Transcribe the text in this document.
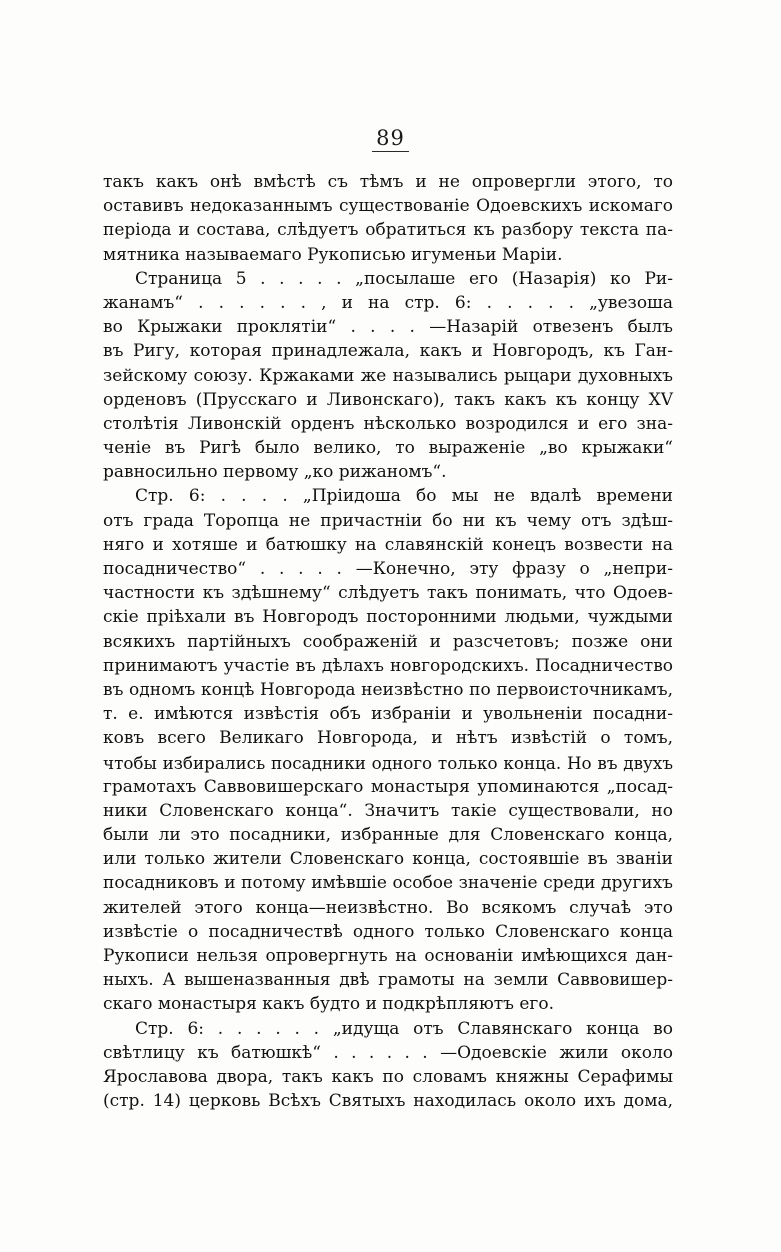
89
такъ какъ онѣ вмѣстѣ съ тѣмъ и не опровергли этого, то
оставивъ недоказаннымъ существованіе Одоевскихъ искомаго
періода и состава, слѣдуетъ обратиться къ разбору текста па-
мятника называемаго Рукописью игуменьи Маріи.
Страница 5 . . . . . „посылаше его (Назарія) ко Ри-
жанамъ“ . . . . . . , и на стр. 6: . . . . . „увезоша
во Крыжаки проклятіи“ . . . . —Назарій отвезенъ былъ
въ Ригу, которая принадлежала, какъ и Новгородъ, къ Ган-
зейскому союзу. Кржаками же назывались рыцари духовныхъ
орденовъ (Прусскаго и Ливонскаго), такъ какъ къ концу XV
столѣтія Ливонскій орденъ нѣсколько возродился и его зна-
ченіе въ Ригѣ было велико, то выраженіе „во крыжаки“
равносильно первому „ко рижаномъ“.
Стр. 6: . . . . „Пріидоша бо мы не вдалѣ времени
отъ града Торопца не причастніи бо ни къ чему отъ здѣш-
няго и хотяше и батюшку на славянскій конецъ возвести на
посадничество“ . . . . . —Конечно, эту фразу о „непри-
частности къ здѣшнему“ слѣдуетъ такъ понимать, что Одоев-
скіе пріѣхали въ Новгородъ посторонними людьми, чуждыми
всякихъ партійныхъ соображеній и разсчетовъ; позже они
принимаютъ участіе въ дѣлахъ новгородскихъ. Посадничество
въ одномъ концѣ Новгорода неизвѣстно по первоисточникамъ,
т. е. имѣются извѣстія объ избраніи и увольненіи посадни-
ковъ всего Великаго Новгорода, и нѣтъ извѣстій о томъ,
чтобы избирались посадники одного только конца. Но въ двухъ
грамотахъ Саввовишерскаго монастыря упоминаются „посад-
ники Словенскаго конца“. Значитъ такіе существовали, но
были ли это посадники, избранные для Словенскаго конца,
или только жители Словенскаго конца, состоявшіе въ званіи
посадниковъ и потому имѣвшіе особое значеніе среди другихъ
жителей этого конца—неизвѣстно. Во всякомъ случаѣ это
извѣстіе о посадничествѣ одного только Словенскаго конца
Рукописи нельзя опровергнуть на основаніи имѣющихся дан-
ныхъ. А вышеназванныя двѣ грамоты на земли Саввовишер-
скаго монастыря какъ будто и подкрѣпляютъ его.
Стр. 6: . . . . . . „идуща отъ Славянскаго конца во
свѣтлицу къ батюшкѣ“ . . . . . . —Одоевскіе жили около
Ярославова двора, такъ какъ по словамъ княжны Серафимы
(стр. 14) церковь Всѣхъ Святыхъ находилась около ихъ дома,
